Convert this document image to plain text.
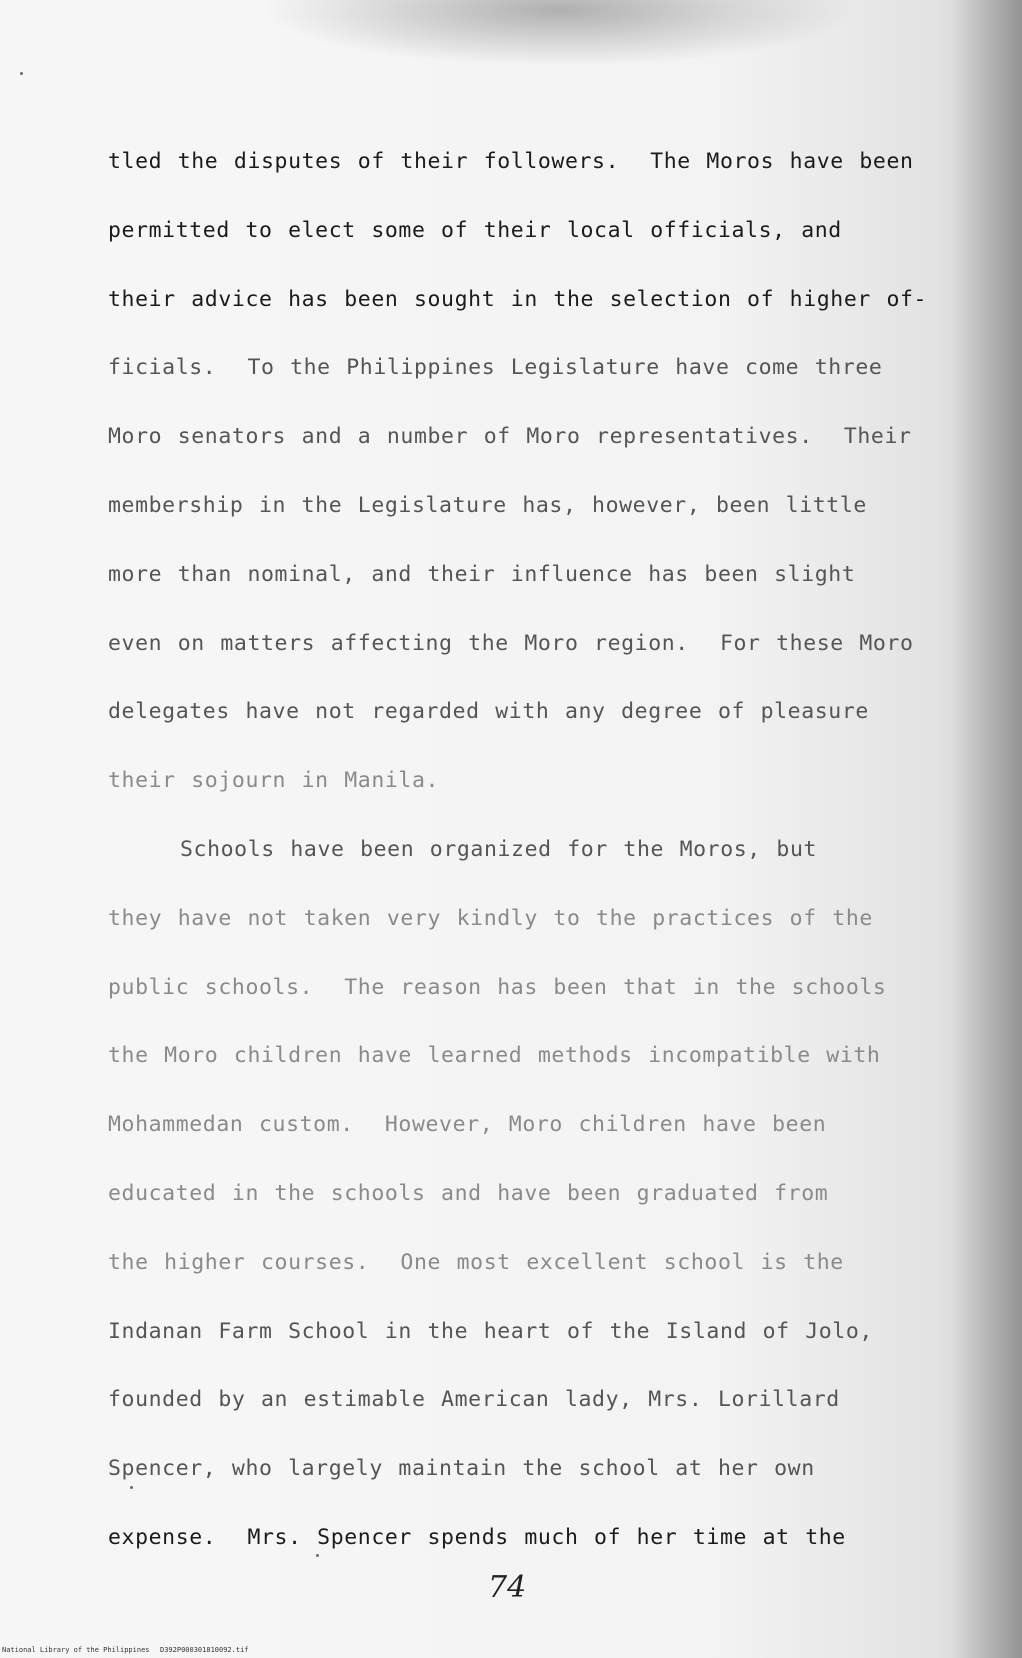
tled the disputes of their followers.  The Moros have been
permitted to elect some of their local officials, and
their advice has been sought in the selection of higher of-
ficials.  To the Philippines Legislature have come three
Moro senators and a number of Moro representatives.  Their
membership in the Legislature has, however, been little
more than nominal, and their influence has been slight
even on matters affecting the Moro region.  For these Moro
delegates have not regarded with any degree of pleasure
their sojourn in Manila.
Schools have been organized for the Moros, but
they have not taken very kindly to the practices of the
public schools.  The reason has been that in the schools
the Moro children have learned methods incompatible with
Mohammedan custom.  However, Moro children have been
educated in the schools and have been graduated from
the higher courses.  One most excellent school is the
Indanan Farm School in the heart of the Island of Jolo,
founded by an estimable American lady, Mrs. Lorillard
Spencer, who largely maintain the school at her own
expense.  Mrs. Spencer spends much of her time at the
74
National Library of the Philippines D392P000301810092.tif
